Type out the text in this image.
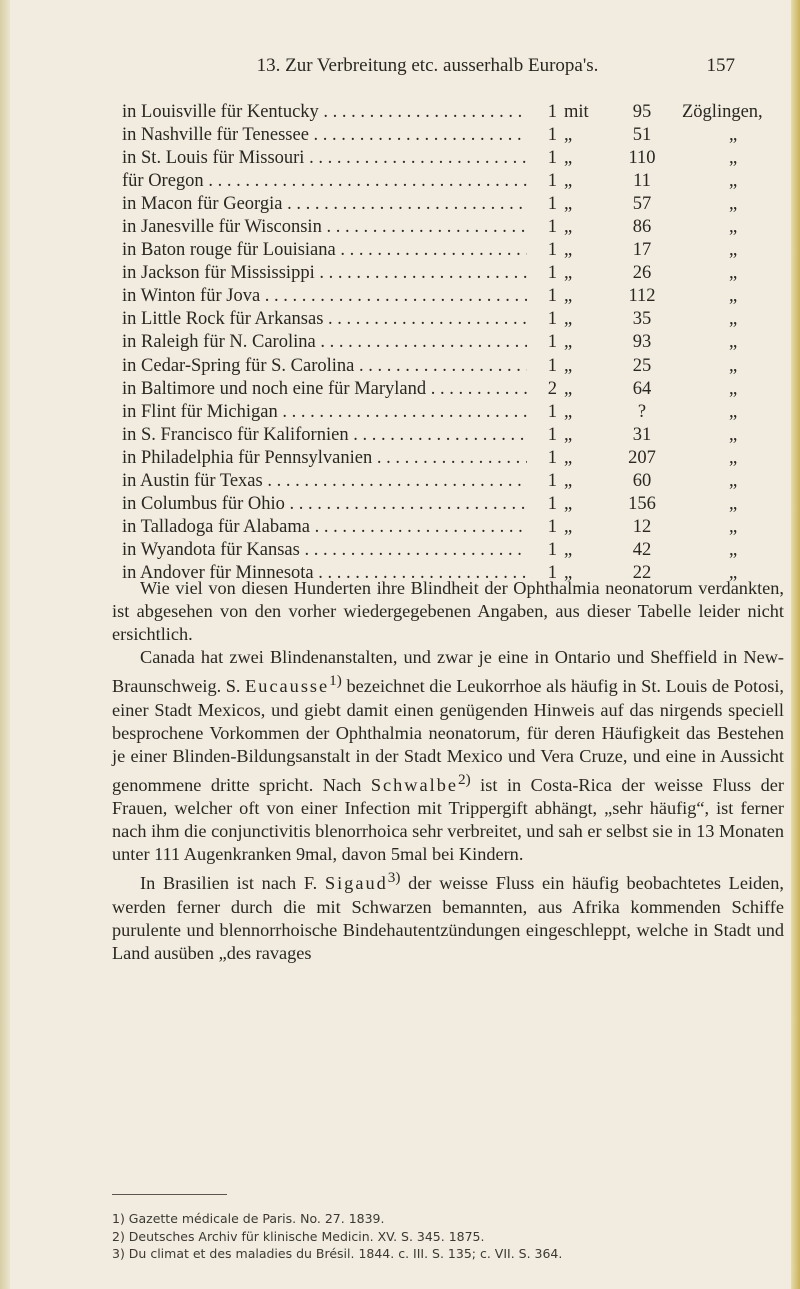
13. Zur Verbreitung etc. ausserhalb Europa's.	157
in Louisville für Kentucky . . .	1 mit	95	Zöglingen,
in Nashville für Tenessee . . .	1 „	51	„
in St. Louis für Missouri . . .	1 „	110	„
für Oregon . . .	1 „	11	„
in Macon für Georgia . . .	1 „	57	„
in Janesville für Wisconsin . . .	1 „	86	„
in Baton rouge für Louisiana . . .	1 „	17	„
in Jackson für Mississippi . . .	1 „	26	„
in Winton für Jova . . .	1 „	112	„
in Little Rock für Arkansas . . .	1 „	35	„
in Raleigh für N. Carolina . . .	1 „	93	„
in Cedar-Spring für S. Carolina . . .	1 „	25	„
in Baltimore und noch eine für Maryland . . .	2 „	64	„
in Flint für Michigan . . .	1 „	?	„
in S. Francisco für Kalifornien . . .	1 „	31	„
in Philadelphia für Pennsylvanien . . .	1 „	207	„
in Austin für Texas . . .	1 „	60	„
in Columbus für Ohio . . .	1 „	156	„
in Talladoga für Alabama . . .	1 „	12	„
in Wyandota für Kansas . . .	1 „	42	„
in Andover für Minnesota . . .	1 „	22	„

Wie viel von diesen Hunderten ihre Blindheit der Ophthalmia neonatorum verdankten, ist abgesehen von den vorher wiedergegebenen Angaben, aus dieser Tabelle leider nicht ersichtlich.

Canada hat zwei Blindenanstalten, und zwar je eine in Ontario und Sheffield in New-Braunschweig. S. Eucausse$^{1)}$ bezeichnet die Leukorrhoe als häufig in St. Louis de Potosi, einer Stadt Mexicos, und giebt damit einen genügenden Hinweis auf das nirgends speciell besprochene Vorkommen der Ophthalmia neonatorum, für deren Häufigkeit das Bestehen je einer Blinden-Bildungsanstalt in der Stadt Mexico und Vera Cruze, und eine in Aussicht genommene dritte spricht. Nach Schwalbe$^{2)}$ ist in Costa-Rica der weisse Fluss der Frauen, welcher oft von einer Infection mit Trippergift abhängt, „sehr häufig“, ist ferner nach ihm die conjunctivitis blenorrhoica sehr verbreitet, und sah er selbst sie in 13 Monaten unter 111 Augenkranken 9mal, davon 5mal bei Kindern.

In Brasilien ist nach F. Sigaud$^{3)}$ der weisse Fluss ein häufig beobachtetes Leiden, werden ferner durch die mit Schwarzen bemannten, aus Afrika kommenden Schiffe purulente und blennorrhoische Bindehautentzündungen eingeschleppt, welche in Stadt und Land ausüben „des ravages

1) Gazette médicale de Paris. No. 27. 1839.
2) Deutsches Archiv für klinische Medicin. XV. S. 345. 1875.
3) Du climat et des maladies du Brésil. 1844. c. III. S. 135; c. VII. S. 364.
